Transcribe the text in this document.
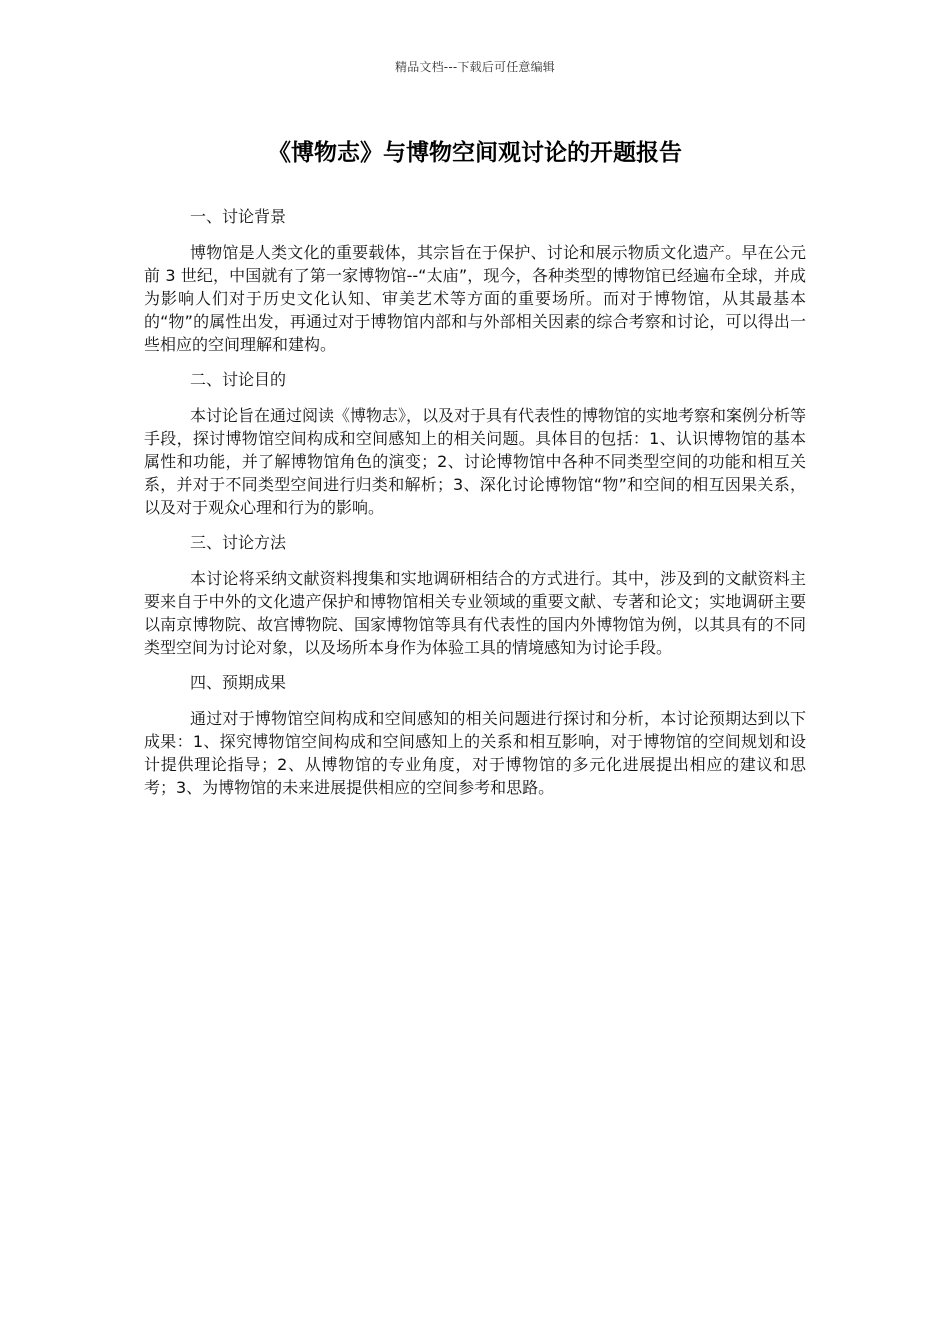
精品文档---下载后可任意编辑
《博物志》与博物空间观讨论的开题报告

一、讨论背景

博物馆是人类文化的重要载体，其宗旨在于保护、讨论和展示物质文化遗产。早在公元前 3 世纪，中国就有了第一家博物馆--“太庙”，现今，各种类型的博物馆已经遍布全球，并成为影响人们对于历史文化认知、审美艺术等方面的重要场所。而对于博物馆，从其最基本的“物”的属性出发，再通过对于博物馆内部和与外部相关因素的综合考察和讨论，可以得出一些相应的空间理解和建构。

二、讨论目的

本讨论旨在通过阅读《博物志》，以及对于具有代表性的博物馆的实地考察和案例分析等手段，探讨博物馆空间构成和空间感知上的相关问题。具体目的包括：1、认识博物馆的基本属性和功能，并了解博物馆角色的演变；2、讨论博物馆中各种不同类型空间的功能和相互关系，并对于不同类型空间进行归类和解析；3、深化讨论博物馆“物”和空间的相互因果关系，以及对于观众心理和行为的影响。

三、讨论方法

本讨论将采纳文献资料搜集和实地调研相结合的方式进行。其中，涉及到的文献资料主要来自于中外的文化遗产保护和博物馆相关专业领域的重要文献、专著和论文；实地调研主要以南京博物院、故宫博物院、国家博物馆等具有代表性的国内外博物馆为例，以其具有的不同类型空间为讨论对象，以及场所本身作为体验工具的情境感知为讨论手段。

四、预期成果

通过对于博物馆空间构成和空间感知的相关问题进行探讨和分析，本讨论预期达到以下成果：1、探究博物馆空间构成和空间感知上的关系和相互影响，对于博物馆的空间规划和设计提供理论指导；2、从博物馆的专业角度，对于博物馆的多元化进展提出相应的建议和思考；3、为博物馆的未来进展提供相应的空间参考和思路。
